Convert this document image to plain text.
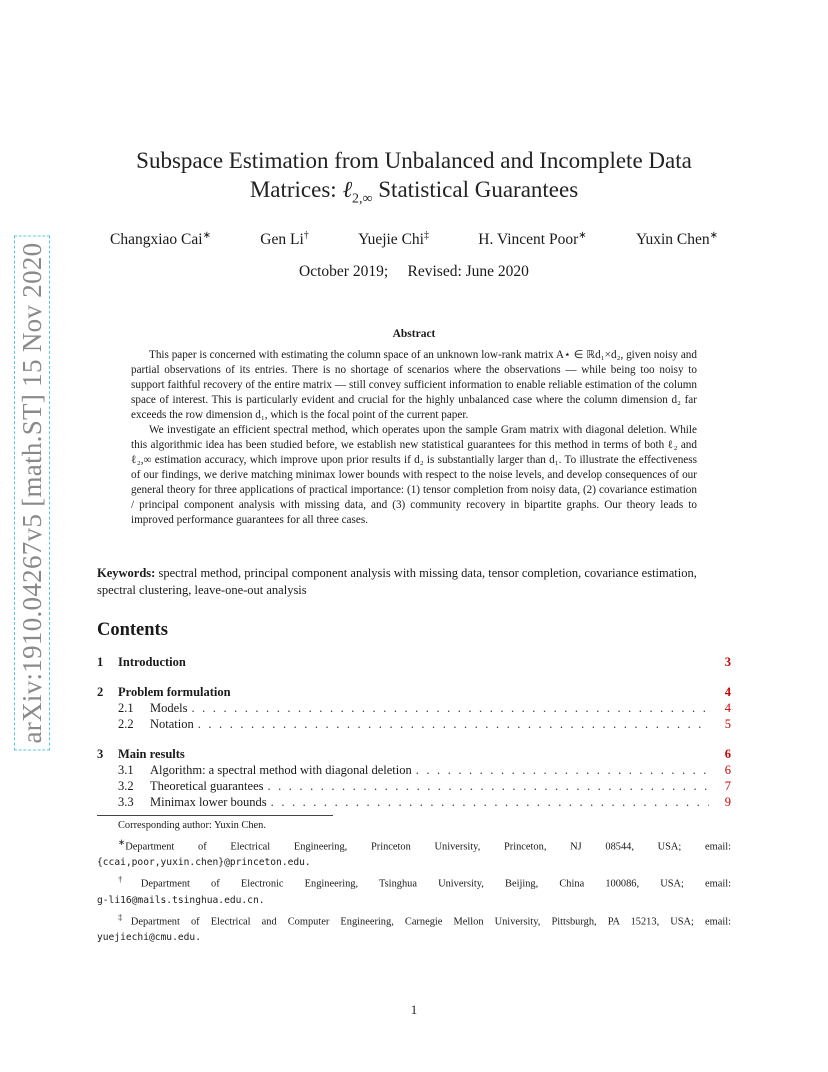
arXiv:1910.04267v5 [math.ST] 15 Nov 2020
Subspace Estimation from Unbalanced and Incomplete Data
Matrices: ℓ$_{2,\infty}$ Statistical Guarantees
Changxiao Cai∗	Gen Li†	Yuejie Chi‡	H. Vincent Poor∗	Yuxin Chen∗
October 2019;     Revised: June 2020
Abstract

This paper is concerned with estimating the column space of an unknown low-rank matrix A⋆ ∈ ℝd₁×d₂, given noisy and partial observations of its entries. There is no shortage of scenarios where the observations — while being too noisy to support faithful recovery of the entire matrix — still convey sufficient information to enable reliable estimation of the column space of interest. This is particularly evident and crucial for the highly unbalanced case where the column dimension d₂ far exceeds the row dimension d₁, which is the focal point of the current paper.

We investigate an efficient spectral method, which operates upon the sample Gram matrix with diagonal deletion. While this algorithmic idea has been studied before, we establish new statistical guarantees for this method in terms of both ℓ₂ and ℓ₂,∞ estimation accuracy, which improve upon prior results if d₂ is substantially larger than d₁. To illustrate the effectiveness of our findings, we derive matching minimax lower bounds with respect to the noise levels, and develop consequences of our general theory for three applications of practical importance: (1) tensor completion from noisy data, (2) covariance estimation / principal component analysis with missing data, and (3) community recovery in bipartite graphs. Our theory leads to improved performance guarantees for all three cases.

Keywords: spectral method, principal component analysis with missing data, tensor completion, covariance estimation, spectral clustering, leave-one-out analysis
Contents
1	Introduction	3
2	Problem formulation	4
2.1	Models . . .	4
2.2	Notation . . .	5
3	Main results	6
3.1	Algorithm: a spectral method with diagonal deletion . . .	6
3.2	Theoretical guarantees . . .	7
3.3	Minimax lower bounds . . .	9
Corresponding author: Yuxin Chen.
∗Department of Electrical Engineering, Princeton University, Princeton, NJ 08544, USA; email:
{ccai,poor,yuxin.chen}@princeton.edu.
†Department of Electronic Engineering, Tsinghua University, Beijing, China 100086, USA; email:
g-li16@mails.tsinghua.edu.cn.
‡Department of Electrical and Computer Engineering, Carnegie Mellon University, Pittsburgh, PA 15213, USA; email:
yuejiechi@cmu.edu.
1
